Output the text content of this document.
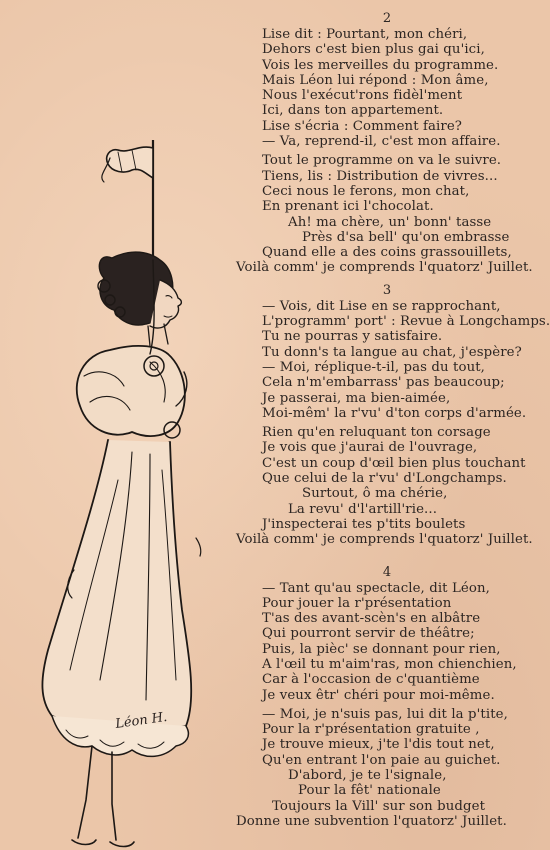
Léon H.
2
Lise dit : Pourtant, mon chéri,
Dehors c'est bien plus gai qu'ici,
Vois les merveilles du programme.
Mais Léon lui répond : Mon âme,
Nous l'exécut'rons fidèl'ment
Ici, dans ton appartement.
Lise s'écria : Comment faire?
— Va, reprend-il, c'est mon affaire.
Tout le programme on va le suivre.
Tiens, lis : Distribution de vivres...
Ceci nous le ferons, mon chat,
En prenant ici l'chocolat.
Ah! ma chère, un' bonn' tasse
Près d'sa bell' qu'on embrasse
Quand elle a des coins grassouillets,
Voilà comm' je comprends l'quatorz' Juillet.
3
— Vois, dit Lise en se rapprochant,
L'programm' port' : Revue à Longchamps.
Tu ne pourras y satisfaire.
Tu donn's ta langue au chat, j'espère?
— Moi, réplique-t-il, pas du tout,
Cela n'm'embarrass' pas beaucoup;
Je passerai, ma bien-aimée,
Moi-mêm' la r'vu' d'ton corps d'armée.
Rien qu'en reluquant ton corsage
Je vois que j'aurai de l'ouvrage,
C'est un coup d'œil bien plus touchant
Que celui de la r'vu' d'Longchamps.
Surtout, ô ma chérie,
La revu' d'l'artill'rie...
J'inspecterai tes p'tits boulets
Voilà comm' je comprends l'quatorz' Juillet.
4
— Tant qu'au spectacle, dit Léon,
Pour jouer la r'présentation
T'as des avant-scèn's en albâtre
Qui pourront servir de théâtre;
Puis, la pièc' se donnant pour rien,
A l'œil tu m'aim'ras, mon chienchien,
Car à l'occasion de c'quantième
Je veux êtr' chéri pour moi-même.
— Moi, je n'suis pas, lui dit la p'tite,
Pour la r'présentation gratuite ,
Je trouve mieux, j'te l'dis tout net,
Qu'en entrant l'on paie au guichet.
D'abord, je te l'signale,
Pour la fêt' nationale
Toujours la Vill' sur son budget
Donne une subvention l'quatorz' Juillet.
